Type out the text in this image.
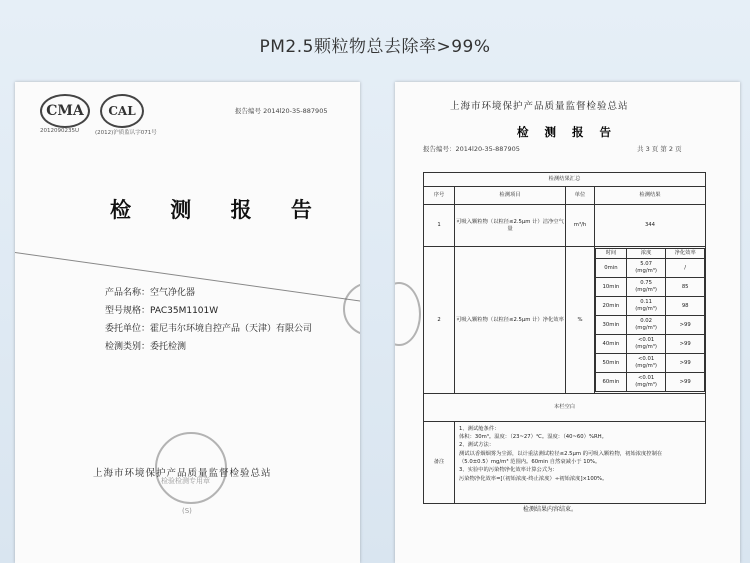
PM2.5颗粒物总去除率>99%
CMA
2012090235U
CAL
(2012)沪质监认字071号
报告编号 2014l20-35-887905
检 测 报 告
产品名称：空气净化器
型号规格：PAC35M1101W
委托单位：霍尼韦尔环境自控产品（天津）有限公司
检测类别：委托检测
检验检测专用章
(S)
上海市环境保护产品质量监督检验总站
上海市环境保护产品质量监督检验总站
检 测 报 告
报告编号：2014l20-35-887905	共 3 页 第 2 页
检测结果汇总
序号	检测项目	单位	检测结果
1	可吸入颗粒物（以粒径≤2.5μm 计）洁净空气量	m³/h	344
2	可吸入颗粒物（以粒径≤2.5μm 计）净化效率	%	
时间	浓度	净化效率
0min	5.07
(mg/m³)	/
10min	0.75
(mg/m³)	85
20min	0.11
(mg/m³)	98
30min	0.02
(mg/m³)	>99
40min	<0.01
(mg/m³)	>99
50min	<0.01
(mg/m³)	>99
60min	<0.01
(mg/m³)	>99

本栏空白
备注	
1、测试舱条件：
体积：30m³。温度：（23~27）℃。湿度：（40~60）%RH。
2、测试方法：
测试以香烟烟雾为尘源，以计重法测试粒径≤2.5μm 的可吸入颗粒物，初始浓度控制在
（5.0±0.5）mg/m³ 范围内。60min 自然衰减小于 10%。
3、实验中的污染物净化效率计算公式为：
污染物净化效率=[（初始浓度-终止浓度）÷初始浓度]×100%。
检测结果内容结束。
